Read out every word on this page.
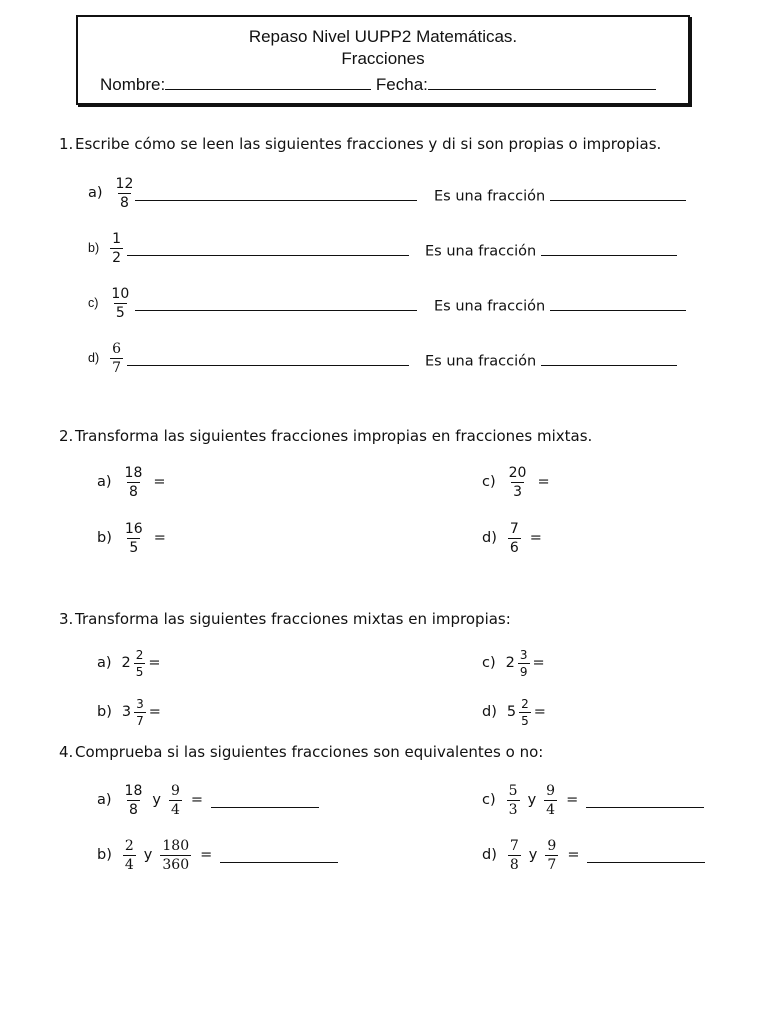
Repaso Nivel UUPP2 Matemáticas.
Fracciones
Nombre:	Fecha:
1. Escribe cómo se leen las siguientes fracciones y di si son propias o impropias.
$a) \frac{12}{8}$	Es una fracción
$b) \frac{1}{2}$	Es una fracción
$c) \frac{10}{5}$	Es una fracción
$d) \frac{6}{7}$	Es una fracción
2. Transforma las siguientes fracciones impropias en fracciones mixtas.
$a) \frac{18}{8}$ =
$b) \frac{16}{5}$ =
$c) \frac{20}{3}$ =
$d) \frac{7}{6}$ =
3. Transforma las siguientes fracciones mixtas en impropias:
a) $2 \frac{2}{5}$ =
b) $3 \frac{3}{7}$ =
c) $2 \frac{3}{9}$ =
d) $5 \frac{2}{5}$ =
4. Comprueba si las siguientes fracciones son equivalentes o no:
$a) \frac{18}{8}$ y $\frac{9}{4}$ =
$b) \frac{2}{4}$ y $\frac{180}{360}$ =
$c) \frac{5}{3}$ y $\frac{9}{4}$ =
$d) \frac{7}{8}$ y $\frac{9}{7}$ =
